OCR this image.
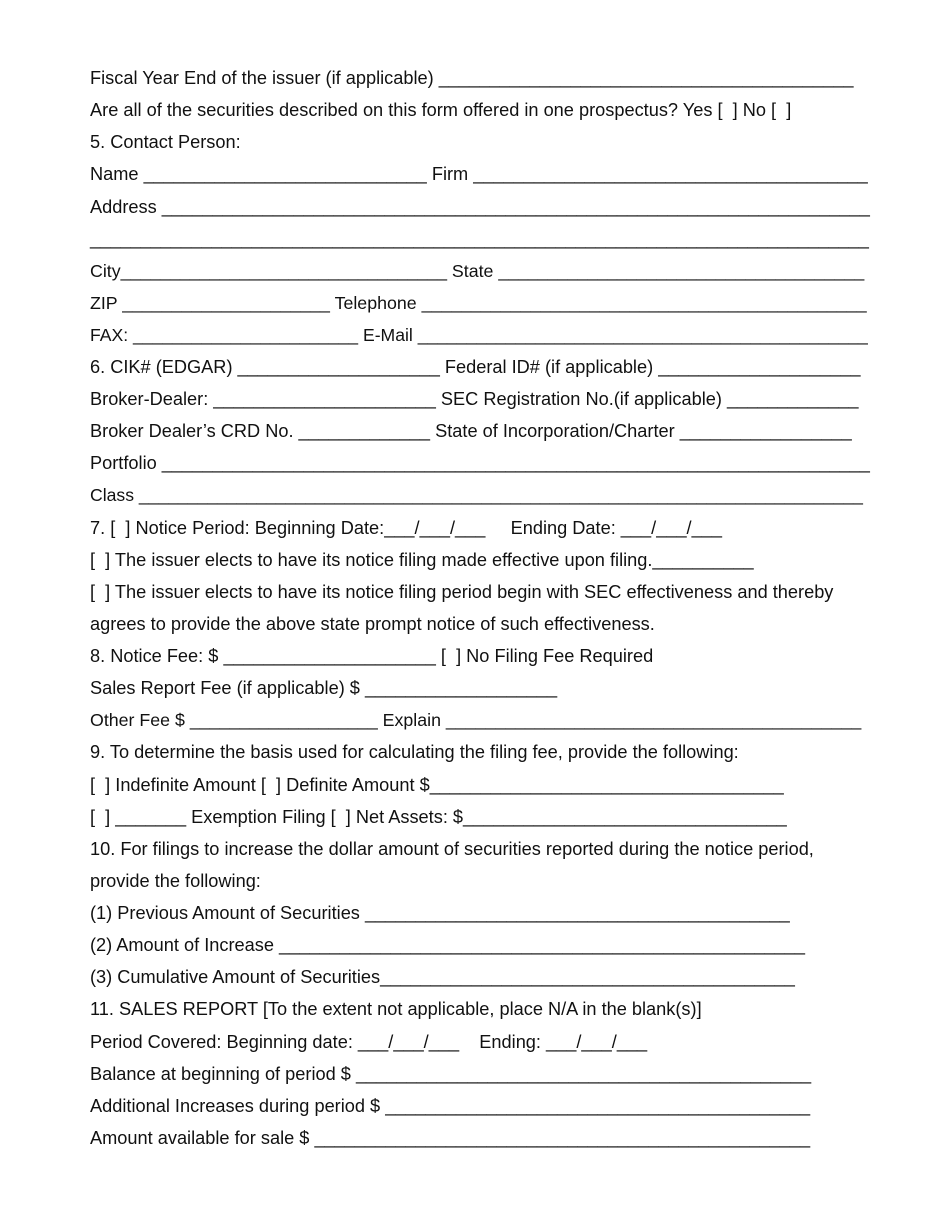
Fiscal Year End of the issuer (if applicable) _________________________________________
Are all of the securities described on this form offered in one prospectus? Yes [  ] No [  ]
5. Contact Person:
Name ____________________________ Firm _______________________________________
Address ______________________________________________________________________
_____________________________________________________________________________
City_________________________________ State _____________________________________
ZIP _____________________ Telephone _____________________________________________
FAX: _______________________ E-Mail ______________________________________________
6. CIK# (EDGAR) ____________________ Federal ID# (if applicable) ____________________
Broker-Dealer: ______________________ SEC Registration No.(if applicable) _____________
Broker Dealer’s CRD No. _____________ State of Incorporation/Charter _________________
Portfolio ______________________________________________________________________
Class __________________________________________________________________________
7. [  ] Notice Period: Beginning Date:___/___/___     Ending Date: ___/___/___
[  ] The issuer elects to have its notice filing made effective upon filing.__________
[  ] The issuer elects to have its notice filing period begin with SEC effectiveness and thereby
agrees to provide the above state prompt notice of such effectiveness.
8. Notice Fee: $ _____________________ [  ] No Filing Fee Required
Sales Report Fee (if applicable) $ ___________________
Other Fee $ ___________________ Explain __________________________________________
9. To determine the basis used for calculating the filing fee, provide the following:
[  ] Indefinite Amount [  ] Definite Amount $___________________________________
[  ] _______ Exemption Filing [  ] Net Assets: $________________________________
10. For filings to increase the dollar amount of securities reported during the notice period,
provide the following:
(1) Previous Amount of Securities __________________________________________
(2) Amount of Increase ____________________________________________________
(3) Cumulative Amount of Securities_________________________________________
11. SALES REPORT [To the extent not applicable, place N/A in the blank(s)]
Period Covered: Beginning date: ___/___/___    Ending: ___/___/___
Balance at beginning of period $ _____________________________________________
Additional Increases during period $ __________________________________________
Amount available for sale $ _________________________________________________
